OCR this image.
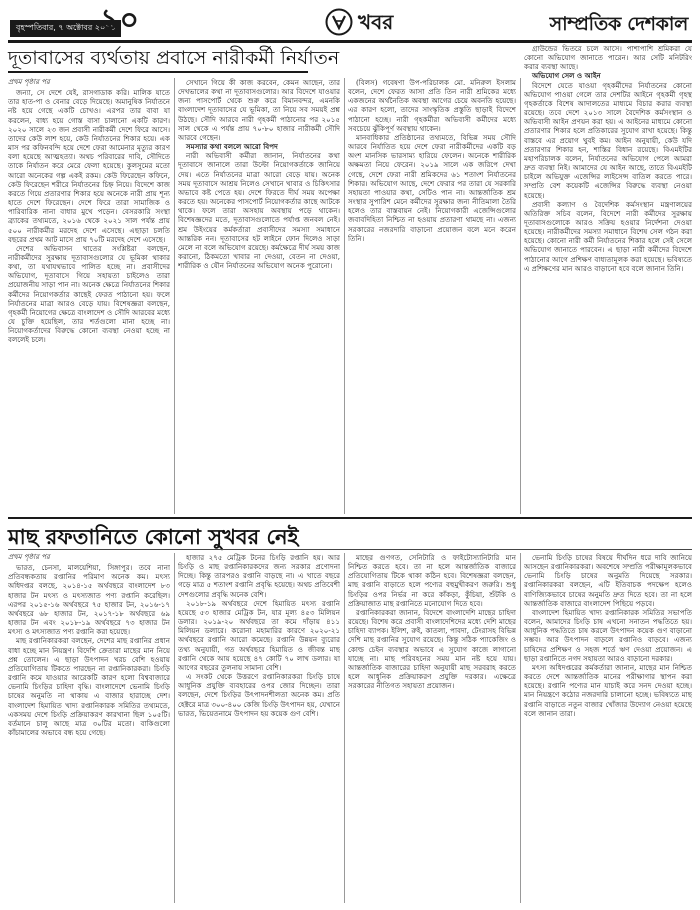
বৃহস্পতিবার, ৭ অক্টোবর ২০২১
১০	খবর	সাম্প্রতিক দেশকাল
দূতাবাসের ব্যর্থতায় প্রবাসে নারীকর্মী নির্যাতন
প্রথম পৃষ্ঠার পর

জন্যা, সে দেশে যেই, রাসগাডাক করি। মালিক যাতে তার হাত-পা ও বেনার বেড়ে দিয়েছে। অমানুষিক নির্যাতনে নষ্ট হয়ে গেছে একটি চোখও। এরপর তার বাবা যা করলেন, বাধ্য হয়ে গোস্ত বাসা চালানো একটি কারণ। ২০২০ সালে ২৩ জন প্রবাসী নারীকর্মী দেশে ফিরে আসে। তাদের কেউ লাশ হয়ে, কেউ নির্যাতনের শিকার হয়ে। এক মাস পর কফিনবন্দি হয়ে দেশে ফেরা আমেনার মৃত্যুর কারণ বলা হয়েছে আত্মহত্যা। অথচ পরিবারের দাবি, সৌদিতে তাকে নির্যাতন করে মেরে ফেলা হয়েছে। কুলসুমের মতো আরো অনেকের গল্প একই রকম। কেউ ফিরেছেন কফিনে, কেউ ফিরেছেন শরীরে নির্যাতনের চিহ্ন নিয়ে। বিদেশে কাজ করতে গিয়ে প্রতারণার শিকার হয়ে অনেকে নারী প্রায় শূন্য হাতে দেশে ফিরেছেন। দেশে ফিরে তারা সামাজিক ও পারিবারিক নানা বাধার মুখে পড়েন। বেসরকারি সংস্থা ব্র্যাকের তথ্যমতে, ২০১৬ থেকে ২০২১ সাল পর্যন্ত প্রায় ৫০০ নারীকর্মীর মরদেহ দেশে এসেছে। এছাড়া চলতি বছরের প্রথম আট মাসে প্রায় ৭০টি মরদেহ দেশে এসেছে।

দেশের অভিবাসন খাতের সংশ্লিষ্টরা বলছেন, নারীকর্মীদের সুরক্ষায় দূতাবাসগুলোর যে ভূমিকা থাকার কথা, তা যথাযথভাবে পালিত হচ্ছে না। প্রবাসীদের অভিযোগ, দূতাবাসে গিয়ে সহায়তা চাইলেও তারা প্রয়োজনীয় সাড়া পান না। অনেক ক্ষেত্রে নির্যাতনের শিকার কর্মীদের নিয়োগকর্তার কাছেই ফেরত পাঠানো হয়। ফলে নির্যাতনের মাত্রা আরও বেড়ে যায়। বিশেষজ্ঞরা বলছেন, গৃহকর্মী নিয়োগের ক্ষেত্রে বাংলাদেশ ও সৌদি আরবের মধ্যে যে চুক্তি হয়েছিল, তার শর্তগুলো মানা হচ্ছে না। নিয়োগকর্তাদের বিরুদ্ধে কোনো ব্যবস্থা নেওয়া হচ্ছে না বললেই চলে।

সেখানে গিয়ে কী কাজ করবেন, কেমন আছেন, তার দেখভালের কথা না দূতাবাসগুলোর। আর বিদেশে যাওয়ার জন্য পাসপোর্ট থেকে শুরু করে বিমানবন্দর, এমনকি বাংলাদেশ দূতাবাসের যে ভূমিকা, তা নিয়ে সব সময়ই প্রশ্ন উঠছে। সৌদি আরবে নারী গৃহকর্মী পাঠানোর পর ২০১৫ সাল থেকে এ পর্যন্ত প্রায় ৭০-৮০ হাজার নারীকর্মী সৌদি আরবে গেছেন।

সমস্যার কথা বললে আরো বিপদ

নারী অভিবাসী কর্মীরা জানান, নির্যাতনের কথা দূতাবাসে জানালে তারা উল্টো নিয়োগকর্তাকে জানিয়ে দেয়। এতে নির্যাতনের মাত্রা আরো বেড়ে যায়। অনেক সময় দূতাবাসে আশ্রয় নিলেও সেখানে খাবার ও চিকিৎসার অভাবে কষ্ট পেতে হয়। দেশে ফিরতে দীর্ঘ সময় অপেক্ষা করতে হয়। অনেকের পাসপোর্ট নিয়োগকর্তার কাছে আটকে থাকে। ফলে তারা অসহায় অবস্থায় পড়ে থাকেন। বিশেষজ্ঞদের মতে, দূতাবাসগুলোতে পর্যাপ্ত জনবল নেই। শ্রম উইংয়ের কর্মকর্তারা প্রবাসীদের সমস্যা সমাধানে আন্তরিক নন। দূতাবাসের হট লাইনে ফোন দিলেও সাড়া মেলে না বলে অভিযোগ রয়েছে। কর্মক্ষেত্রে দীর্ঘ সময় কাজ করানো, ঠিকমতো খাবার না দেওয়া, বেতন না দেওয়া, শারীরিক ও যৌন নির্যাতনের অভিযোগ অনেক পুরোনো।

(বিলস) গবেষণা উপ-পরিচালক মো. মনিরুল ইসলাম বলেন, দেশে ফেরত আসা প্রতি তিন নারী শ্রমিকের মধ্যে একজনের অর্থনৈতিক অবস্থা আগের চেয়ে অবনতি হয়েছে। এর কারণ হলো, তাদের সাংস্কৃতিক প্রস্তুতি ছাড়াই বিদেশে পাঠানো হচ্ছে। নারী গৃহকর্মীরা অভিবাসী কর্মীদের মধ্যে সবচেয়ে ঝুঁকিপূর্ণ অবস্থায় থাকেন।

মানবাধিকার প্রতিষ্ঠানের তথ্যমতে, বিভিন্ন সময় সৌদি আরবে নির্যাতিত হয়ে দেশে ফেরা নারীকর্মীদের একটি বড় অংশ মানসিক ভারসাম্য হারিয়ে ফেলেন। অনেকে শারীরিক অক্ষমতা নিয়ে ফেরেন। ২০১৯ সালে এক জরিপে দেখা গেছে, দেশে ফেরা নারী শ্রমিকদের ৬১ শতাংশ নির্যাতনের শিকার। অভিযোগ আছে, দেশে ফেরার পর তারা যে সরকারি সহায়তা পাওয়ার কথা, সেটিও পান না। আন্তর্জাতিক শ্রম সংস্থার সুপারিশ মেনে কর্মীদের সুরক্ষার জন্য নীতিমালা তৈরি হলেও তার বাস্তবায়ন নেই। নিয়োগকারী এজেন্সিগুলোর জবাবদিহিতা নিশ্চিত না হওয়ায় প্রতারণা থামছে না। এজন্য সরকারের নজরদারি বাড়ানো প্রয়োজন বলে মনে করেন তিনি।

গ্রাউন্ডের ভিতরে চলে আসে। পাশাপাশি শ্রমিকরা যে কোনো অভিযোগ জানাতে পারেন। আর সেটি মনিটরিং করার ব্যবস্থা আছে।

অভিযোগ সেল ও আইন

বিদেশে যেতে যাওয়া গৃহকর্মীদের নির্যাতনের কোনো অভিযোগ পাওয়া গেলে তার দেশটির আইনে গৃহকর্মী গৃহস্থ গৃহকর্তাকে বিশেষ আদালতের মাধ্যমে বিচার করার ব্যবস্থা রয়েছে। তবে দেশে ২০১৩ সালে বৈদেশিক কর্মসংস্থান ও অভিবাসী আইন প্রণয়ন করা হয়। এ আইনের মাধ্যমে কোনো প্রতারণার শিকার হলে প্রতিকারের সুযোগ রাখা হয়েছে। কিন্তু বাস্তবে এর প্রয়োগ খুবই কম। আইন অনুযায়ী, কেউ যদি প্রতারণার শিকার হন, শাস্তির বিধান রয়েছে। বিএমইটির মহাপরিচালক বলেন, নির্যাতনের অভিযোগ পেলে আমরা দ্রুত ব্যবস্থা নিই। আমাদের যে আইন আছে, তাতে বিএমইটি চাইলে অভিযুক্ত এজেন্সির লাইসেন্স বাতিল করতে পারে। সম্প্রতি বেশ কয়েকটি এজেন্সির বিরুদ্ধে ব্যবস্থা নেওয়া হয়েছে।

প্রবাসী কল্যাণ ও বৈদেশিক কর্মসংস্থান মন্ত্রণালয়ের অতিরিক্ত সচিব বলেন, বিদেশে নারী কর্মীদের সুরক্ষায় দূতাবাসগুলোকে আরও সক্রিয় হওয়ার নির্দেশনা দেওয়া হয়েছে। নারীকর্মীদের সমস্যা সমাধানে বিশেষ সেল গঠন করা হয়েছে। কোনো নারী কর্মী নির্যাতনের শিকার হলে সেই সেলে অভিযোগ জানাতে পারবেন। এ ছাড়া নারী কর্মীদের বিদেশে পাঠানোর আগে প্রশিক্ষণ বাধ্যতামূলক করা হয়েছে। ভবিষ্যতে এ প্রশিক্ষণের মান আরও বাড়ানো হবে বলে জানান তিনি।

মাছ রফতানিতে কোনো সুখবর নেই
প্রথম পৃষ্ঠার পর

ভারত, চেনসা, মালয়েশিয়া, সিঙ্গাপুর। তবে নানা প্রতিবন্ধকতায় রপ্তানির পরিমাণ অনেক কম। মৎস্য অধিদপ্তর বলছে, ২০১৪-১৫ অর্থবছরে বাংলাদেশ ৮৩ হাজার টন মৎস্য ও মৎস্যজাত পণ্য রপ্তানি করেছিল। এরপর ২০১৫-১৬ অর্থবছরে ৭৫ হাজার টন, ২০১৬-১৭ অর্থবছরে ৬৮ হাজার টন, ২০১৭-১৮ অর্থবছরে ৬৯ হাজার টন এবং ২০১৮-১৯ অর্থবছরে ৭৩ হাজার টন মৎস্য ও মৎস্যজাত পণ্য রপ্তানি করা হয়েছে।

মাছ রপ্তানিকারকরা বলছেন, দেশের মাছ রপ্তানির প্রধান বাধা হচ্ছে মান নিয়ন্ত্রণ। বিদেশি ক্রেতারা মাছের মান নিয়ে প্রশ্ন তোলেন। এ ছাড়া উৎপাদন খরচ বেশি হওয়ায় প্রতিযোগিতায় টিকতে পারছেন না রপ্তানিকারকরা। চিংড়ি রপ্তানি কমে যাওয়ার আরেকটি কারণ হলো বিশ্ববাজারে ভেনামি চিংড়ির চাহিদা বৃদ্ধি। বাংলাদেশে ভেনামি চিংড়ি চাষের অনুমতি না থাকায় এ বাজার হারাচ্ছে দেশ। বাংলাদেশ হিমায়িত খাদ্য রপ্তানিকারক সমিতির তথ্যমতে, একসময় দেশে চিংড়ি প্রক্রিয়াকরণ কারখানা ছিল ১০৫টি। বর্তমানে চালু আছে মাত্র ৩০টির মতো। বাকিগুলো কাঁচামালের অভাবে বন্ধ হয়ে গেছে।

হাজার ২৭৫ মেট্রিক টনের চিংড়ি রপ্তানি হয়। আর চিংড়ি ও মাছ রপ্তানিকারকদের জন্য সরকার প্রণোদনা দিচ্ছে। কিন্তু তারপরও রপ্তানি বাড়ছে না। এ খাতে বছরে গড়ে মাত্র ৫ শতাংশ রপ্তানি প্রবৃদ্ধি হয়েছে। অথচ প্রতিবেশী দেশগুলোর প্রবৃদ্ধি অনেক বেশি।

২০১৮-১৯ অর্থবছরে দেশে হিমায়িত মৎস্য রপ্তানি হয়েছে ৫৩ হাজার মেট্রিক টন, যার মূল্য ৪৫৩ মিলিয়ন ডলার। ২০১৯-২০ অর্থবছরে তা কমে দাঁড়ায় ৪১১ মিলিয়ন ডলারে। করোনা মহামারির কারণে ২০২০-২১ অর্থবছরে রপ্তানি আরো কমেছে। রপ্তানি উন্নয়ন ব্যুরোর তথ্য অনুযায়ী, গত অর্থবছরে হিমায়িত ও জীবন্ত মাছ রপ্তানি থেকে আয় হয়েছে ৪৭ কোটি ৭০ লাখ ডলার। যা আগের বছরের তুলনায় সামান্য বেশি।

এ সংকট থেকে উত্তরণে রপ্তানিকারকরা চিংড়ি চাষে আধুনিক প্রযুক্তি ব্যবহারের ওপর জোর দিচ্ছেন। তারা বলছেন, দেশে চিংড়ির উৎপাদনশীলতা অনেক কম। প্রতি হেক্টরে মাত্র ৩০০-৪০০ কেজি চিংড়ি উৎপাদন হয়, যেখানে ভারত, ভিয়েতনামে উৎপাদন হয় কয়েক গুণ বেশি।

মাছের গুণগত, সেনিটারি ও ফাইটোস্যানিটারি মান নিশ্চিত করতে হবে। তা না হলে আন্তর্জাতিক বাজারে প্রতিযোগিতায় টিকে থাকা কঠিন হবে। বিশেষজ্ঞরা বলছেন, মাছ রপ্তানি বাড়াতে হলে পণ্যের বহুমুখীকরণ জরুরি। শুধু চিংড়ির ওপর নির্ভর না করে কাঁকড়া, কুঁচিয়া, শুঁটকি ও প্রক্রিয়াজাত মাছ রপ্তানিতে মনোযোগ দিতে হবে।

রপ্তানিকারকরা জানান, বিদেশে বাংলাদেশি মাছের চাহিদা রয়েছে। বিশেষ করে প্রবাসী বাংলাদেশিদের মধ্যে দেশি মাছের চাহিদা ব্যাপক। ইলিশ, রুই, কাতলা, পাবদা, টেংরাসহ বিভিন্ন দেশি মাছ রপ্তানির সুযোগ রয়েছে। কিন্তু সঠিক প্যাকেজিং ও কোল্ড চেইন ব্যবস্থার অভাবে এ সুযোগ কাজে লাগানো যাচ্ছে না। মাছ পরিবহনের সময় মান নষ্ট হয়ে যায়। আন্তর্জাতিক বাজারের চাহিদা অনুযায়ী মাছ সরবরাহ করতে হলে আধুনিক প্রক্রিয়াকরণ প্রযুক্তি দরকার। এক্ষেত্রে সরকারের নীতিগত সহায়তা প্রয়োজন।

ভেনামি চিংড়ি চাষের বিষয়ে দীর্ঘদিন ধরে দাবি জানিয়ে আসছেন রপ্তানিকারকরা। অবশেষে সম্প্রতি পরীক্ষামূলকভাবে ভেনামি চিংড়ি চাষের অনুমতি দিয়েছে সরকার। রপ্তানিকারকরা বলছেন, এটি ইতিবাচক পদক্ষেপ হলেও বাণিজ্যিকভাবে চাষের অনুমতি দ্রুত দিতে হবে। তা না হলে আন্তর্জাতিক বাজারে বাংলাদেশ পিছিয়ে পড়বে।

বাংলাদেশ হিমায়িত খাদ্য রপ্তানিকারক সমিতির সভাপতি বলেন, আমাদের চিংড়ি চাষ এখনো সনাতন পদ্ধতিতে হয়। আধুনিক পদ্ধতিতে চাষ করলে উৎপাদন কয়েক গুণ বাড়ানো সম্ভব। আর উৎপাদন বাড়লে রপ্তানিও বাড়বে। এজন্য চাষিদের প্রশিক্ষণ ও সহজ শর্তে ঋণ দেওয়া প্রয়োজন। এ ছাড়া রপ্তানিতে নগদ সহায়তা আরও বাড়ানো দরকার।

মৎস্য অধিদপ্তরের কর্মকর্তারা জানান, মাছের মান নিশ্চিত করতে দেশে আন্তর্জাতিক মানের পরীক্ষাগার স্থাপন করা হয়েছে। রপ্তানি পণ্যের মান যাচাই করে সনদ দেওয়া হচ্ছে। মান নিয়ন্ত্রণে কঠোর নজরদারি চালানো হচ্ছে। ভবিষ্যতে মাছ রপ্তানি বাড়াতে নতুন বাজার খোঁজার উদ্যোগ নেওয়া হয়েছে বলে জানান তারা।
